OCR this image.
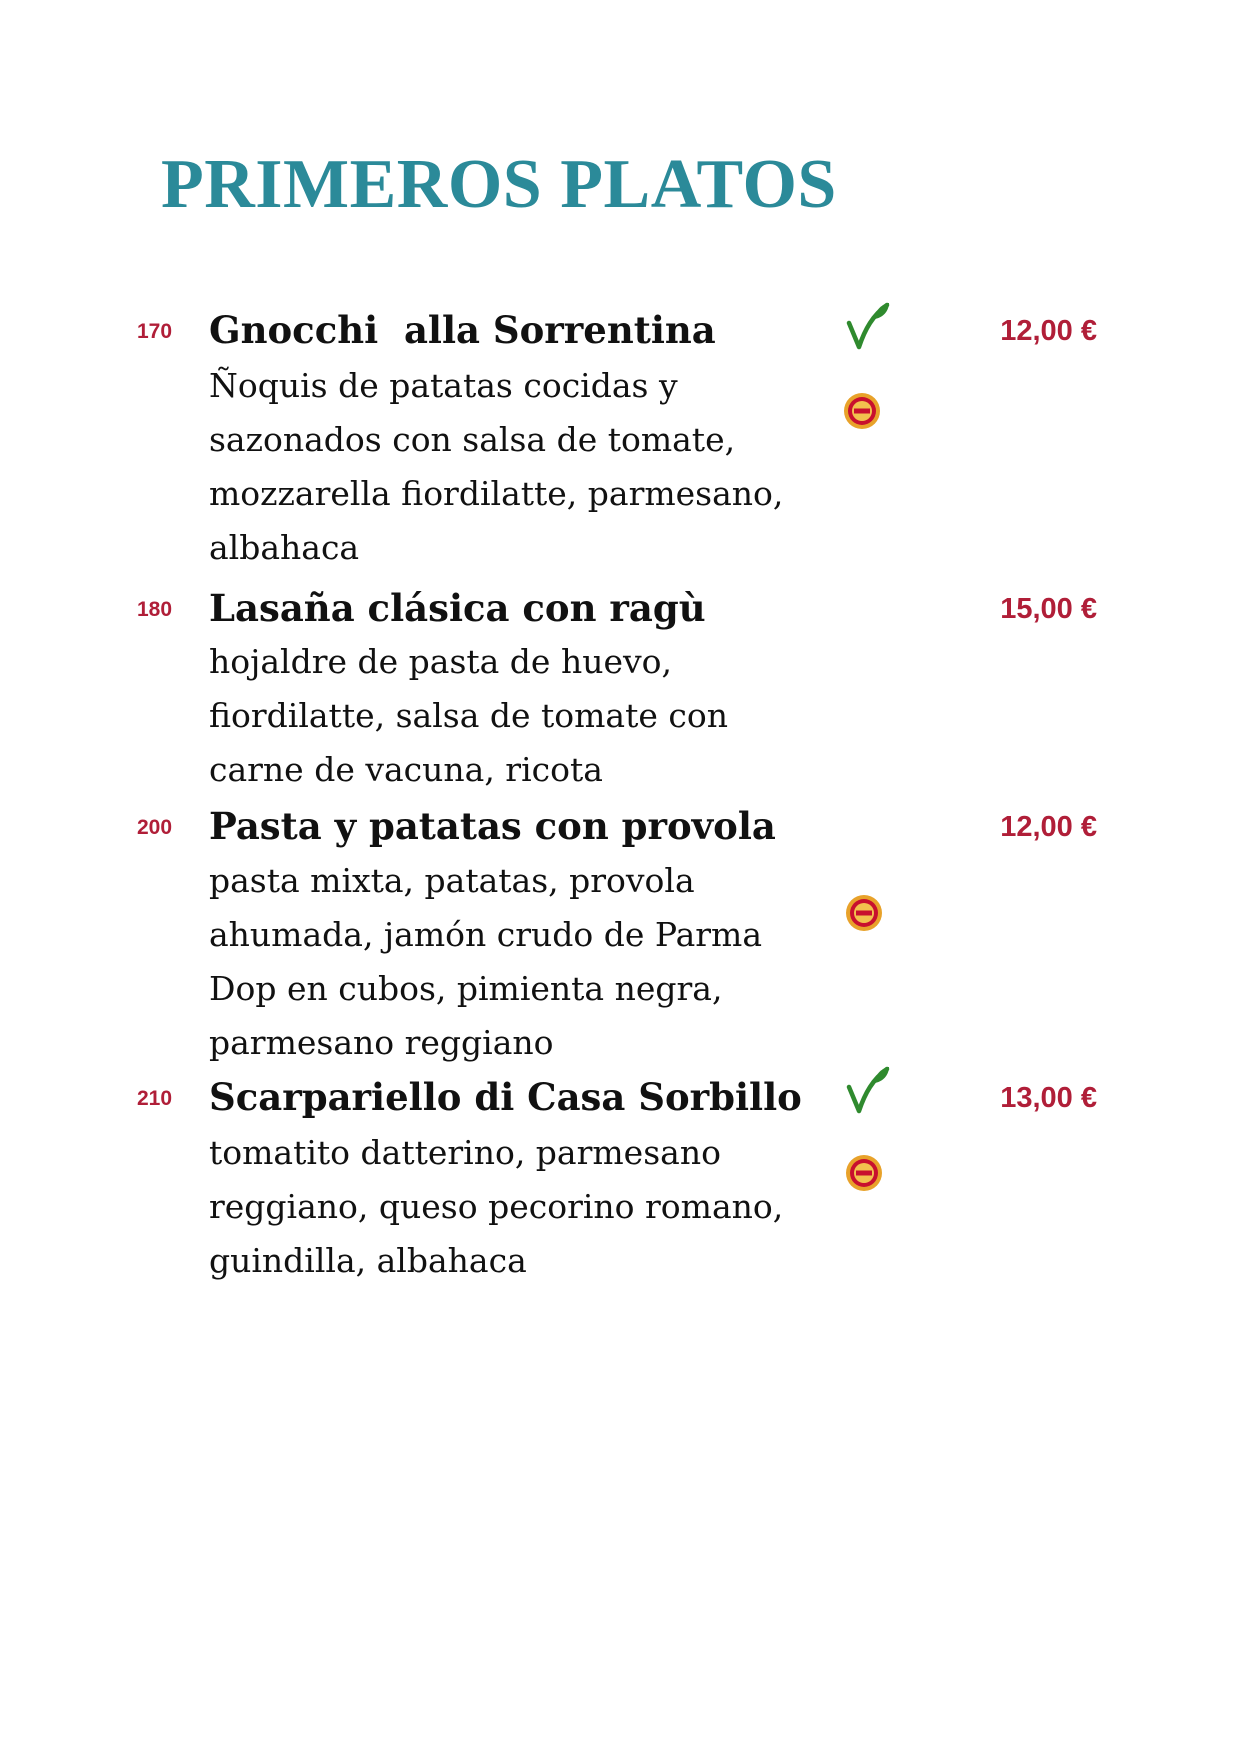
PRIMEROS PLATOS
170 Gnocchi  alla Sorrentina	12,00 €
Ñoquis de patatas cocidas y
sazonados con salsa de tomate,
mozzarella fiordilatte, parmesano,
albahaca
180 Lasaña clásica con ragù	15,00 €
hojaldre de pasta de huevo,
fiordilatte, salsa de tomate con
carne de vacuna, ricota
200 Pasta y patatas con provola	12,00 €
pasta mixta, patatas, provola
ahumada, jamón crudo de Parma
Dop en cubos, pimienta negra,
parmesano reggiano
210 Scarpariello di Casa Sorbillo	13,00 €
tomatito datterino, parmesano
reggiano, queso pecorino romano,
guindilla, albahaca
